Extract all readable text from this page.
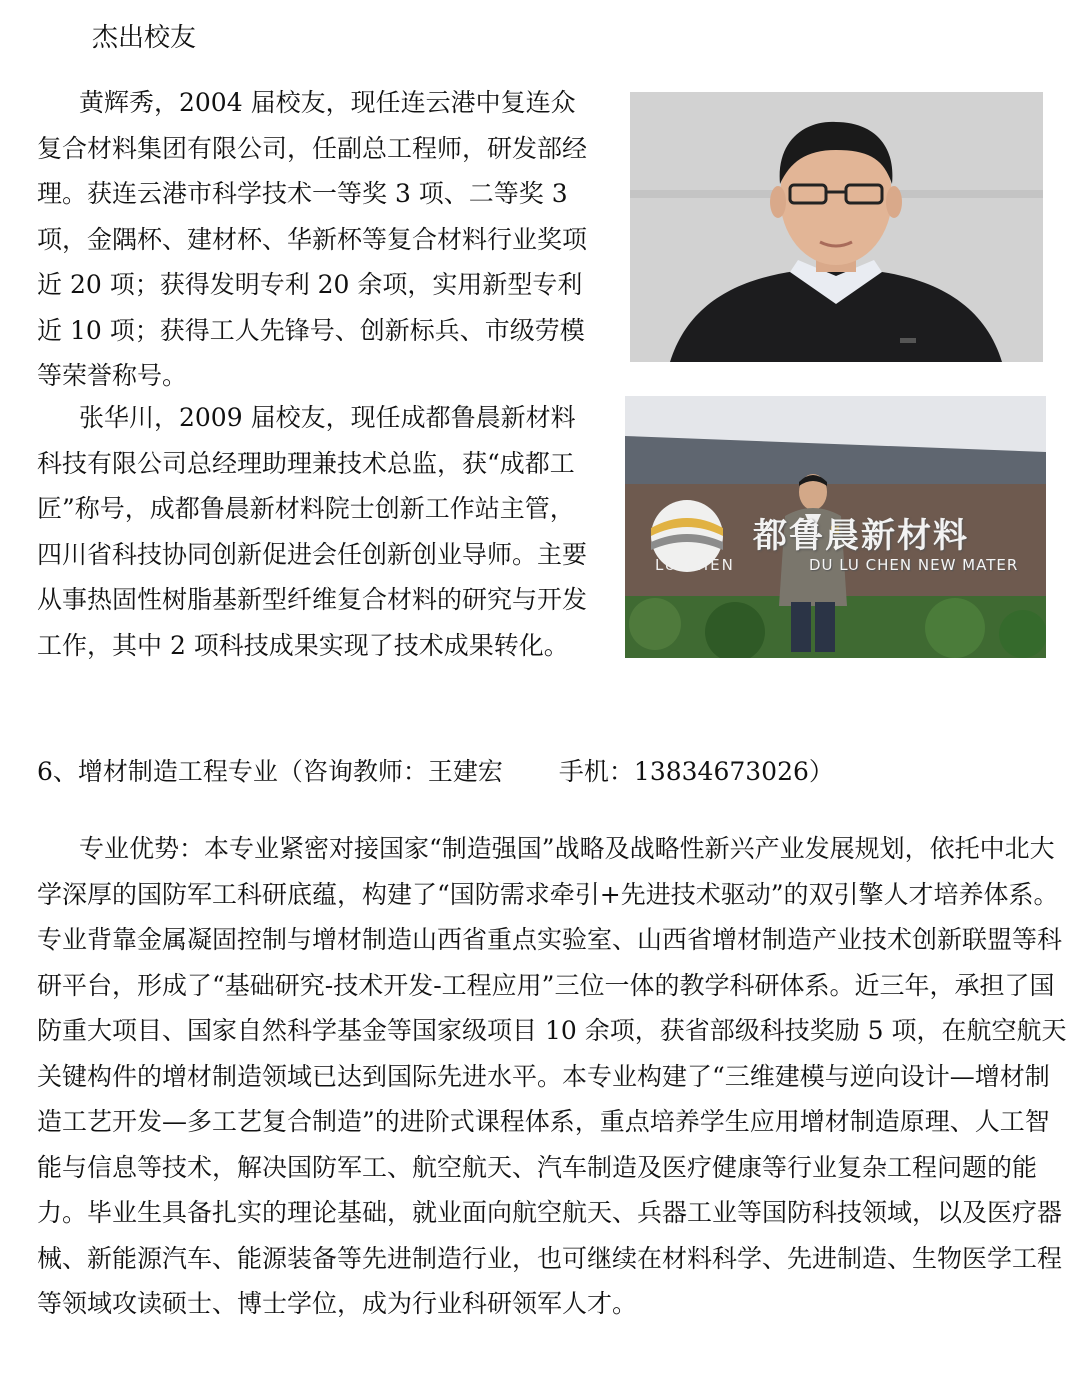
杰出校友

黄辉秀，2004 届校友，现任连云港中复连众复合材料集团有限公司，任副总工程师，研发部经理。获连云港市科学技术一等奖 3 项、二等奖 3 项，金隅杯、建材杯、华新杯等复合材料行业奖项近 20 项；获得发明专利 20 余项，实用新型专利近 10 项；获得工人先锋号、创新标兵、市级劳模等荣誉称号。

张华川，2009 届校友，现任成都鲁晨新材料科技有限公司总经理助理兼技术总监，获“成都工匠”称号，成都鲁晨新材料院士创新工作站主管，四川省科技协同创新促进会任创新创业导师。主要从事热固性树脂基新型纤维复合材料的研究与开发工作，其中 2 项科技成果实现了技术成果转化。

都鲁晨新材料
DU LU CHEN NEW MATER
LU CHEN
6、增材制造工程专业（咨询教师：王建宏 手机：13834673026）

专业优势：本专业紧密对接国家“制造强国”战略及战略性新兴产业发展规划，依托中北大学深厚的国防军工科研底蕴，构建了“国防需求牵引+先进技术驱动”的双引擎人才培养体系。专业背靠金属凝固控制与增材制造山西省重点实验室、山西省增材制造产业技术创新联盟等科研平台，形成了“基础研究-技术开发-工程应用”三位一体的教学科研体系。近三年，承担了国防重大项目、国家自然科学基金等国家级项目 10 余项，获省部级科技奖励 5 项，在航空航天关键构件的增材制造领域已达到国际先进水平。本专业构建了“三维建模与逆向设计—增材制造工艺开发—多工艺复合制造”的进阶式课程体系，重点培养学生应用增材制造原理、人工智能与信息等技术，解决国防军工、航空航天、汽车制造及医疗健康等行业复杂工程问题的能力。毕业生具备扎实的理论基础，就业面向航空航天、兵器工业等国防科技领域，以及医疗器械、新能源汽车、能源装备等先进制造行业，也可继续在材料科学、先进制造、生物医学工程等领域攻读硕士、博士学位，成为行业科研领军人才。
